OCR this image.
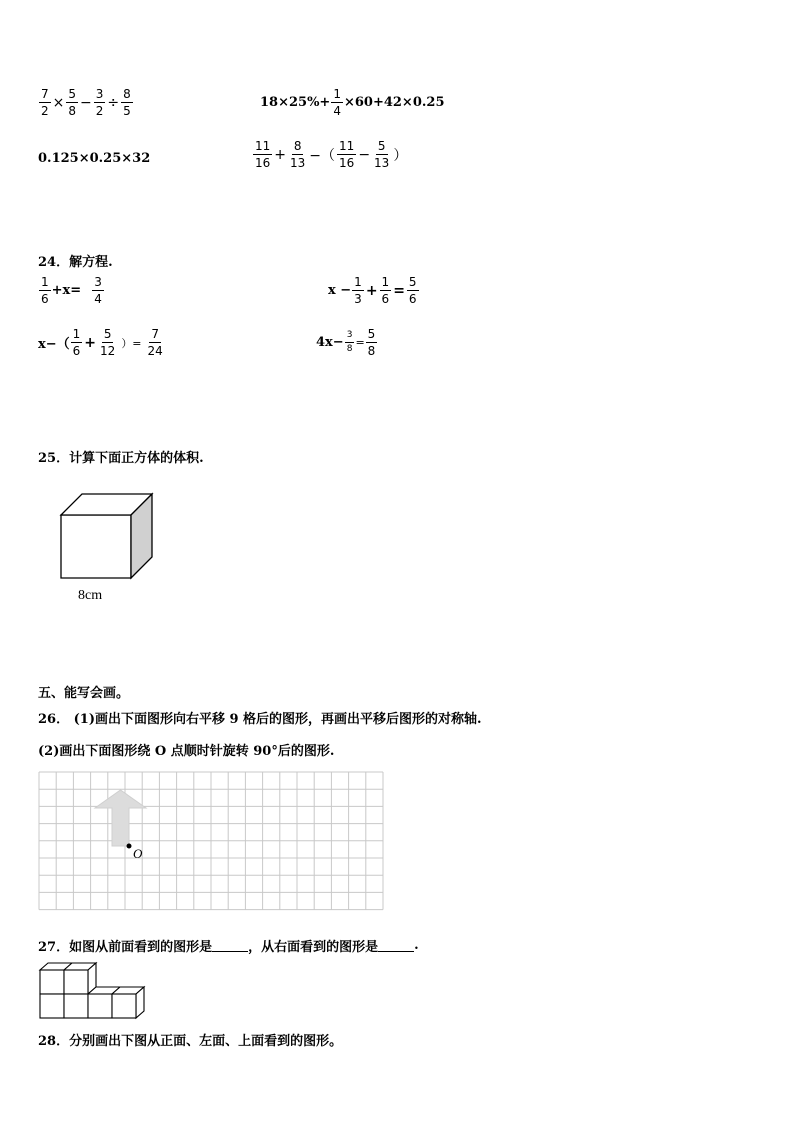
$\frac{7}{2} \times \frac{5}{8} - \frac{3}{2} \div \frac{8}{5}$	$18\times 25\%+ \frac{1}{4} \times 60+42\times 0.25$
0.125×0.25×32	$\frac{11}{16} + \frac{8}{13}$ −（ $\frac{11}{16} - \frac{5}{13}$ ）
24．解方程.
$\frac{1}{6} +x= \frac{3}{4}$	$x - \frac{1}{3} + \frac{1}{6} = \frac{5}{6}$
$x-( \frac{1}{6} + \frac{5}{12}$ ）= $\frac{7}{24}$	$4x- \frac{3}{8} = \frac{5}{8}$
25．计算下面正方体的体积.
8cm
五、能写会画。
26． (1)画出下面图形向右平移 9 格后的图形，再画出平移后图形的对称轴.
(2)画出下面图形绕 O 点顺时针旋转 90°后的图形.
O
27．如图从前面看到的图形是	，从右面看到的图形是	.
28．分别画出下图从正面、左面、上面看到的图形。
